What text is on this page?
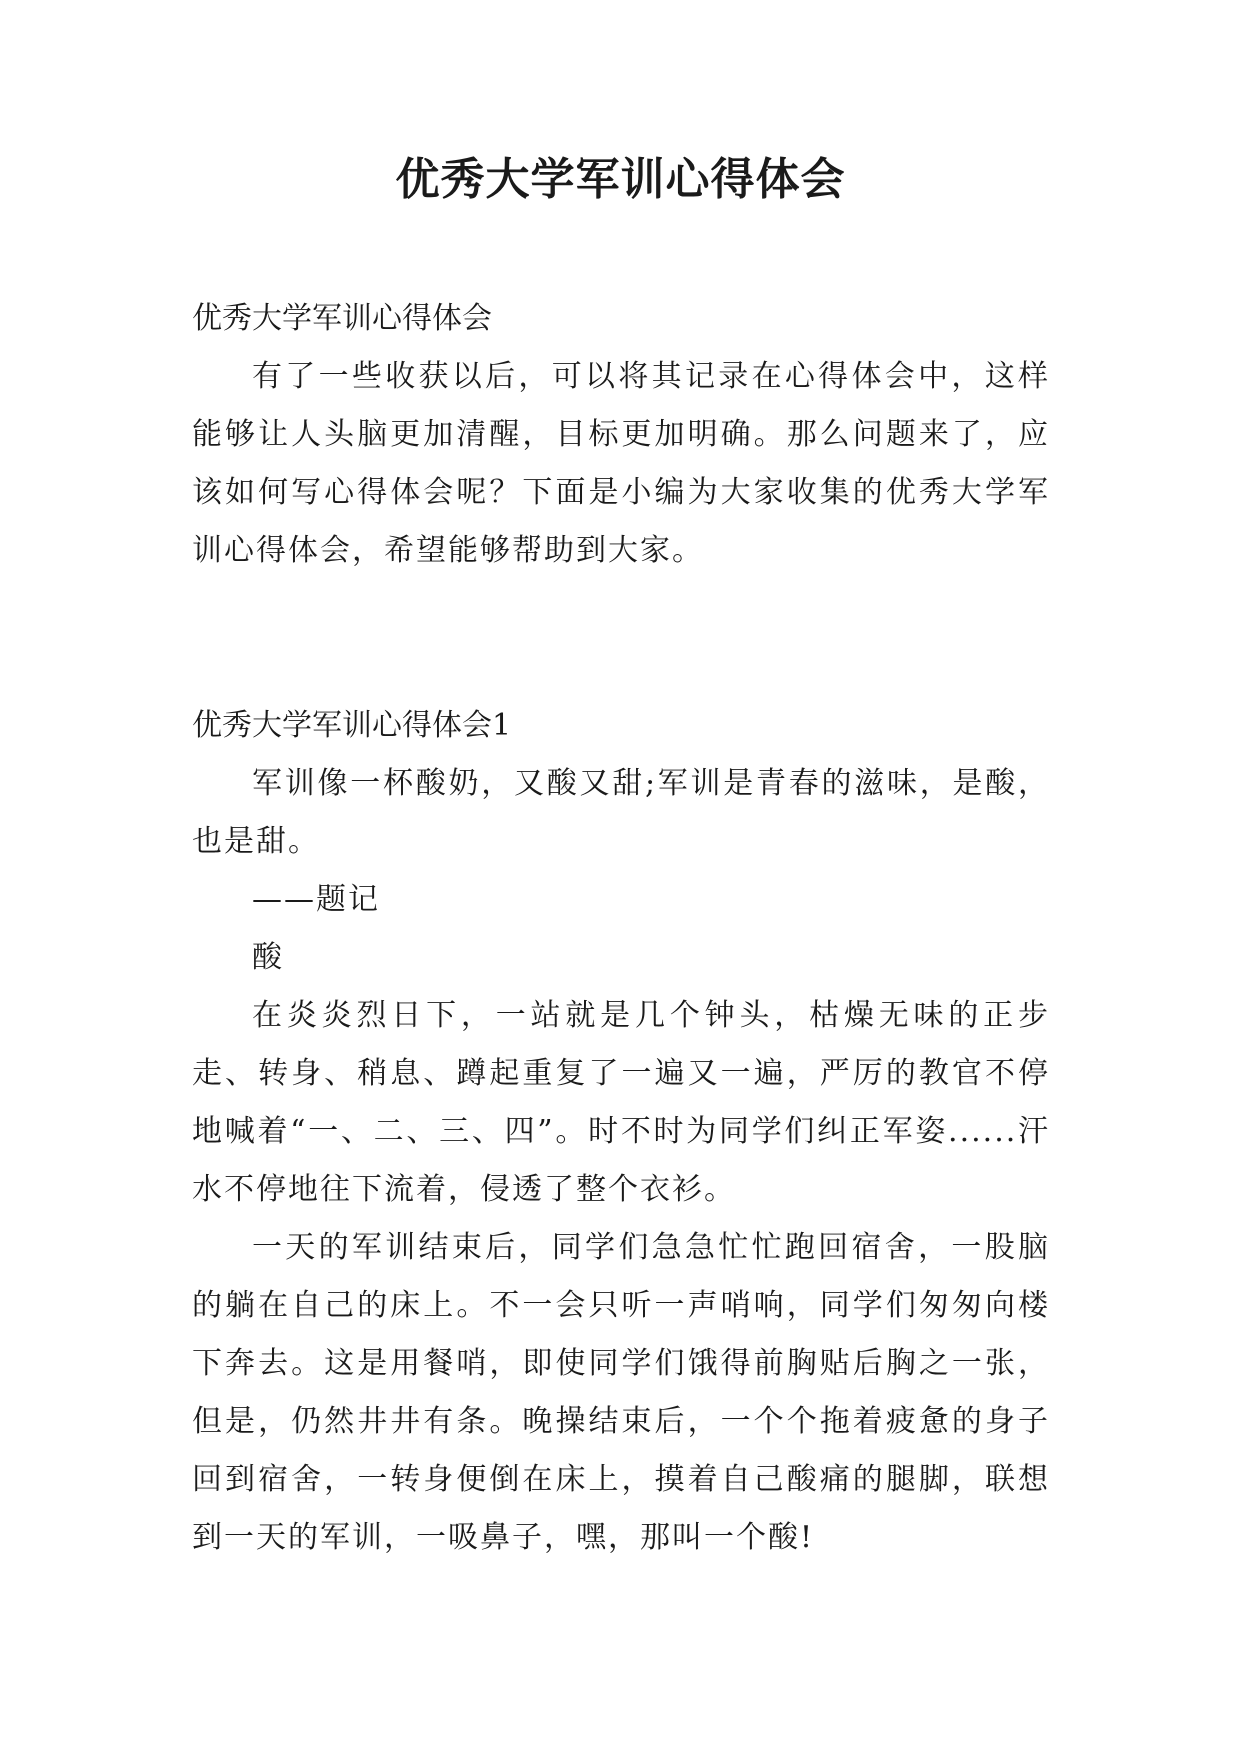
优秀大学军训心得体会

优秀大学军训心得体会

有了一些收获以后，可以将其记录在心得体会中，这样能够让人头脑更加清醒，目标更加明确。那么问题来了，应该如何写心得体会呢？下面是小编为大家收集的优秀大学军训心得体会，希望能够帮助到大家。

优秀大学军训心得体会1

军训像一杯酸奶，又酸又甜;军训是青春的滋味，是酸，也是甜。

——题记

酸

在炎炎烈日下，一站就是几个钟头，枯燥无味的正步走、转身、稍息、蹲起重复了一遍又一遍，严厉的教官不停地喊着“一、二、三、四”。时不时为同学们纠正军姿......汗水不停地往下流着，侵透了整个衣衫。

一天的军训结束后，同学们急急忙忙跑回宿舍，一股脑的躺在自己的床上。不一会只听一声哨响，同学们匆匆向楼下奔去。这是用餐哨，即使同学们饿得前胸贴后胸之一张，但是，仍然井井有条。晚操结束后，一个个拖着疲惫的身子回到宿舍，一转身便倒在床上，摸着自己酸痛的腿脚，联想到一天的军训，一吸鼻子，嘿，那叫一个酸!
